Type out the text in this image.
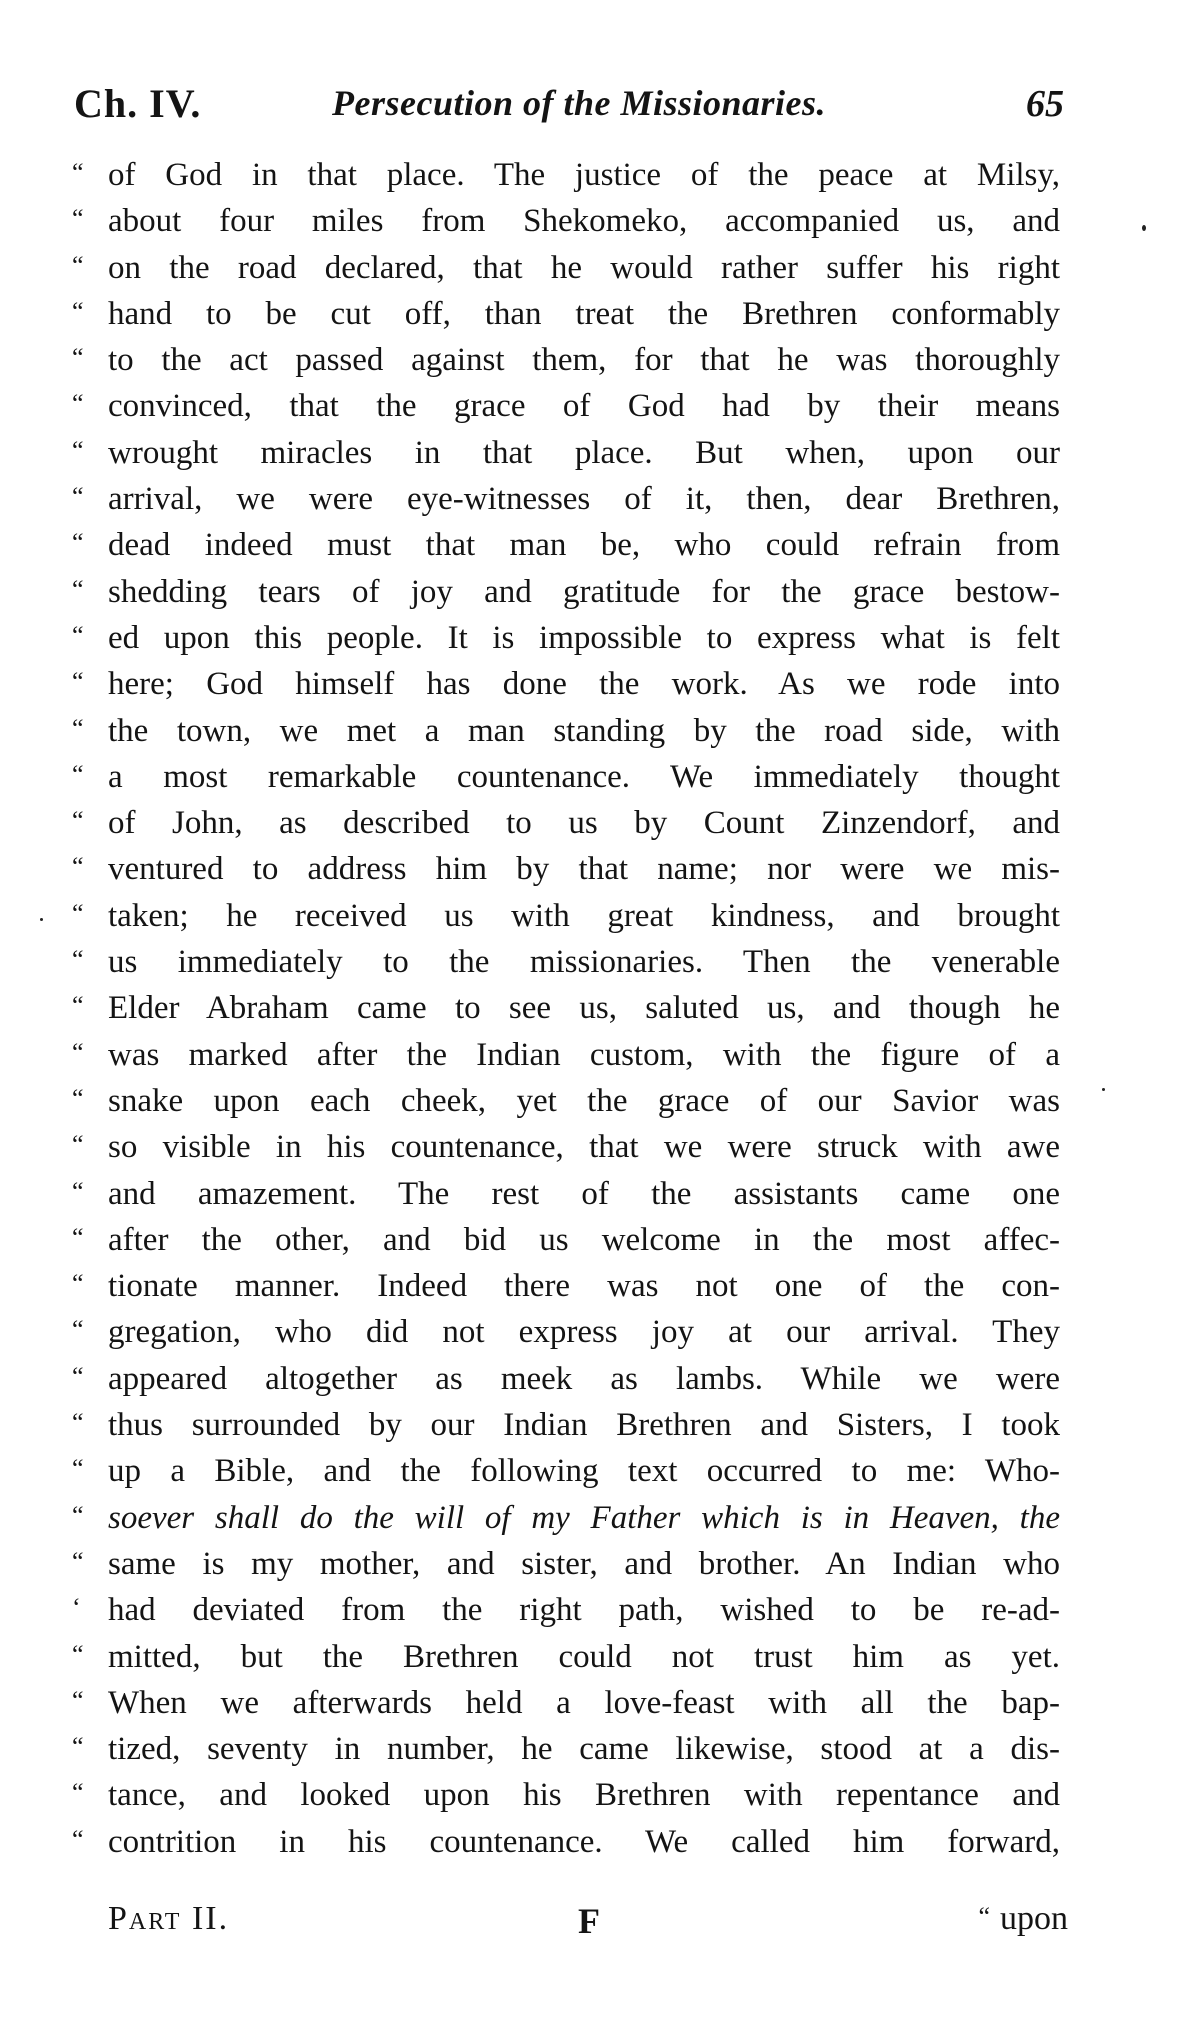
Ch. IV.	Persecution of the Missionaries.	65
“ of God in that place. The justice of the peace at Milsy,
“ about four miles from Shekomeko, accompanied us, and
“ on the road declared, that he would rather suffer his right
“ hand to be cut off, than treat the Brethren conformably
“ to the act passed against them, for that he was thoroughly
“ convinced, that the grace of God had by their means
“ wrought miracles in that place. But when, upon our
“ arrival, we were eye-witnesses of it, then, dear Brethren,
“ dead indeed must that man be, who could refrain from
“ shedding tears of joy and gratitude for the grace bestow-
“ ed upon this people. It is impossible to express what is felt
“ here; God himself has done the work. As we rode into
“ the town, we met a man standing by the road side, with
“ a most remarkable countenance. We immediately thought
“ of John, as described to us by Count Zinzendorf, and
“ ventured to address him by that name; nor were we mis-
“ taken; he received us with great kindness, and brought
“ us immediately to the missionaries. Then the venerable
“ Elder Abraham came to see us, saluted us, and though he
“ was marked after the Indian custom, with the figure of a
“ snake upon each cheek, yet the grace of our Savior was
“ so visible in his countenance, that we were struck with awe
“ and amazement. The rest of the assistants came one
“ after the other, and bid us welcome in the most affec-
“ tionate manner. Indeed there was not one of the con-
“ gregation, who did not express joy at our arrival. They
“ appeared altogether as meek as lambs. While we were
“ thus surrounded by our Indian Brethren and Sisters, I took
“ up a Bible, and the following text occurred to me: Who-
“ soever shall do the will of my Father which is in Heaven, the
“ same is my mother, and sister, and brother. An Indian who
‘ had deviated from the right path, wished to be re-ad-
“ mitted, but the Brethren could not trust him as yet.
“ When we afterwards held a love-feast with all the bap-
“ tized, seventy in number, he came likewise, stood at a dis-
“ tance, and looked upon his Brethren with repentance and
“ contrition in his countenance. We called him forward,
Part II.	F	“ upon
